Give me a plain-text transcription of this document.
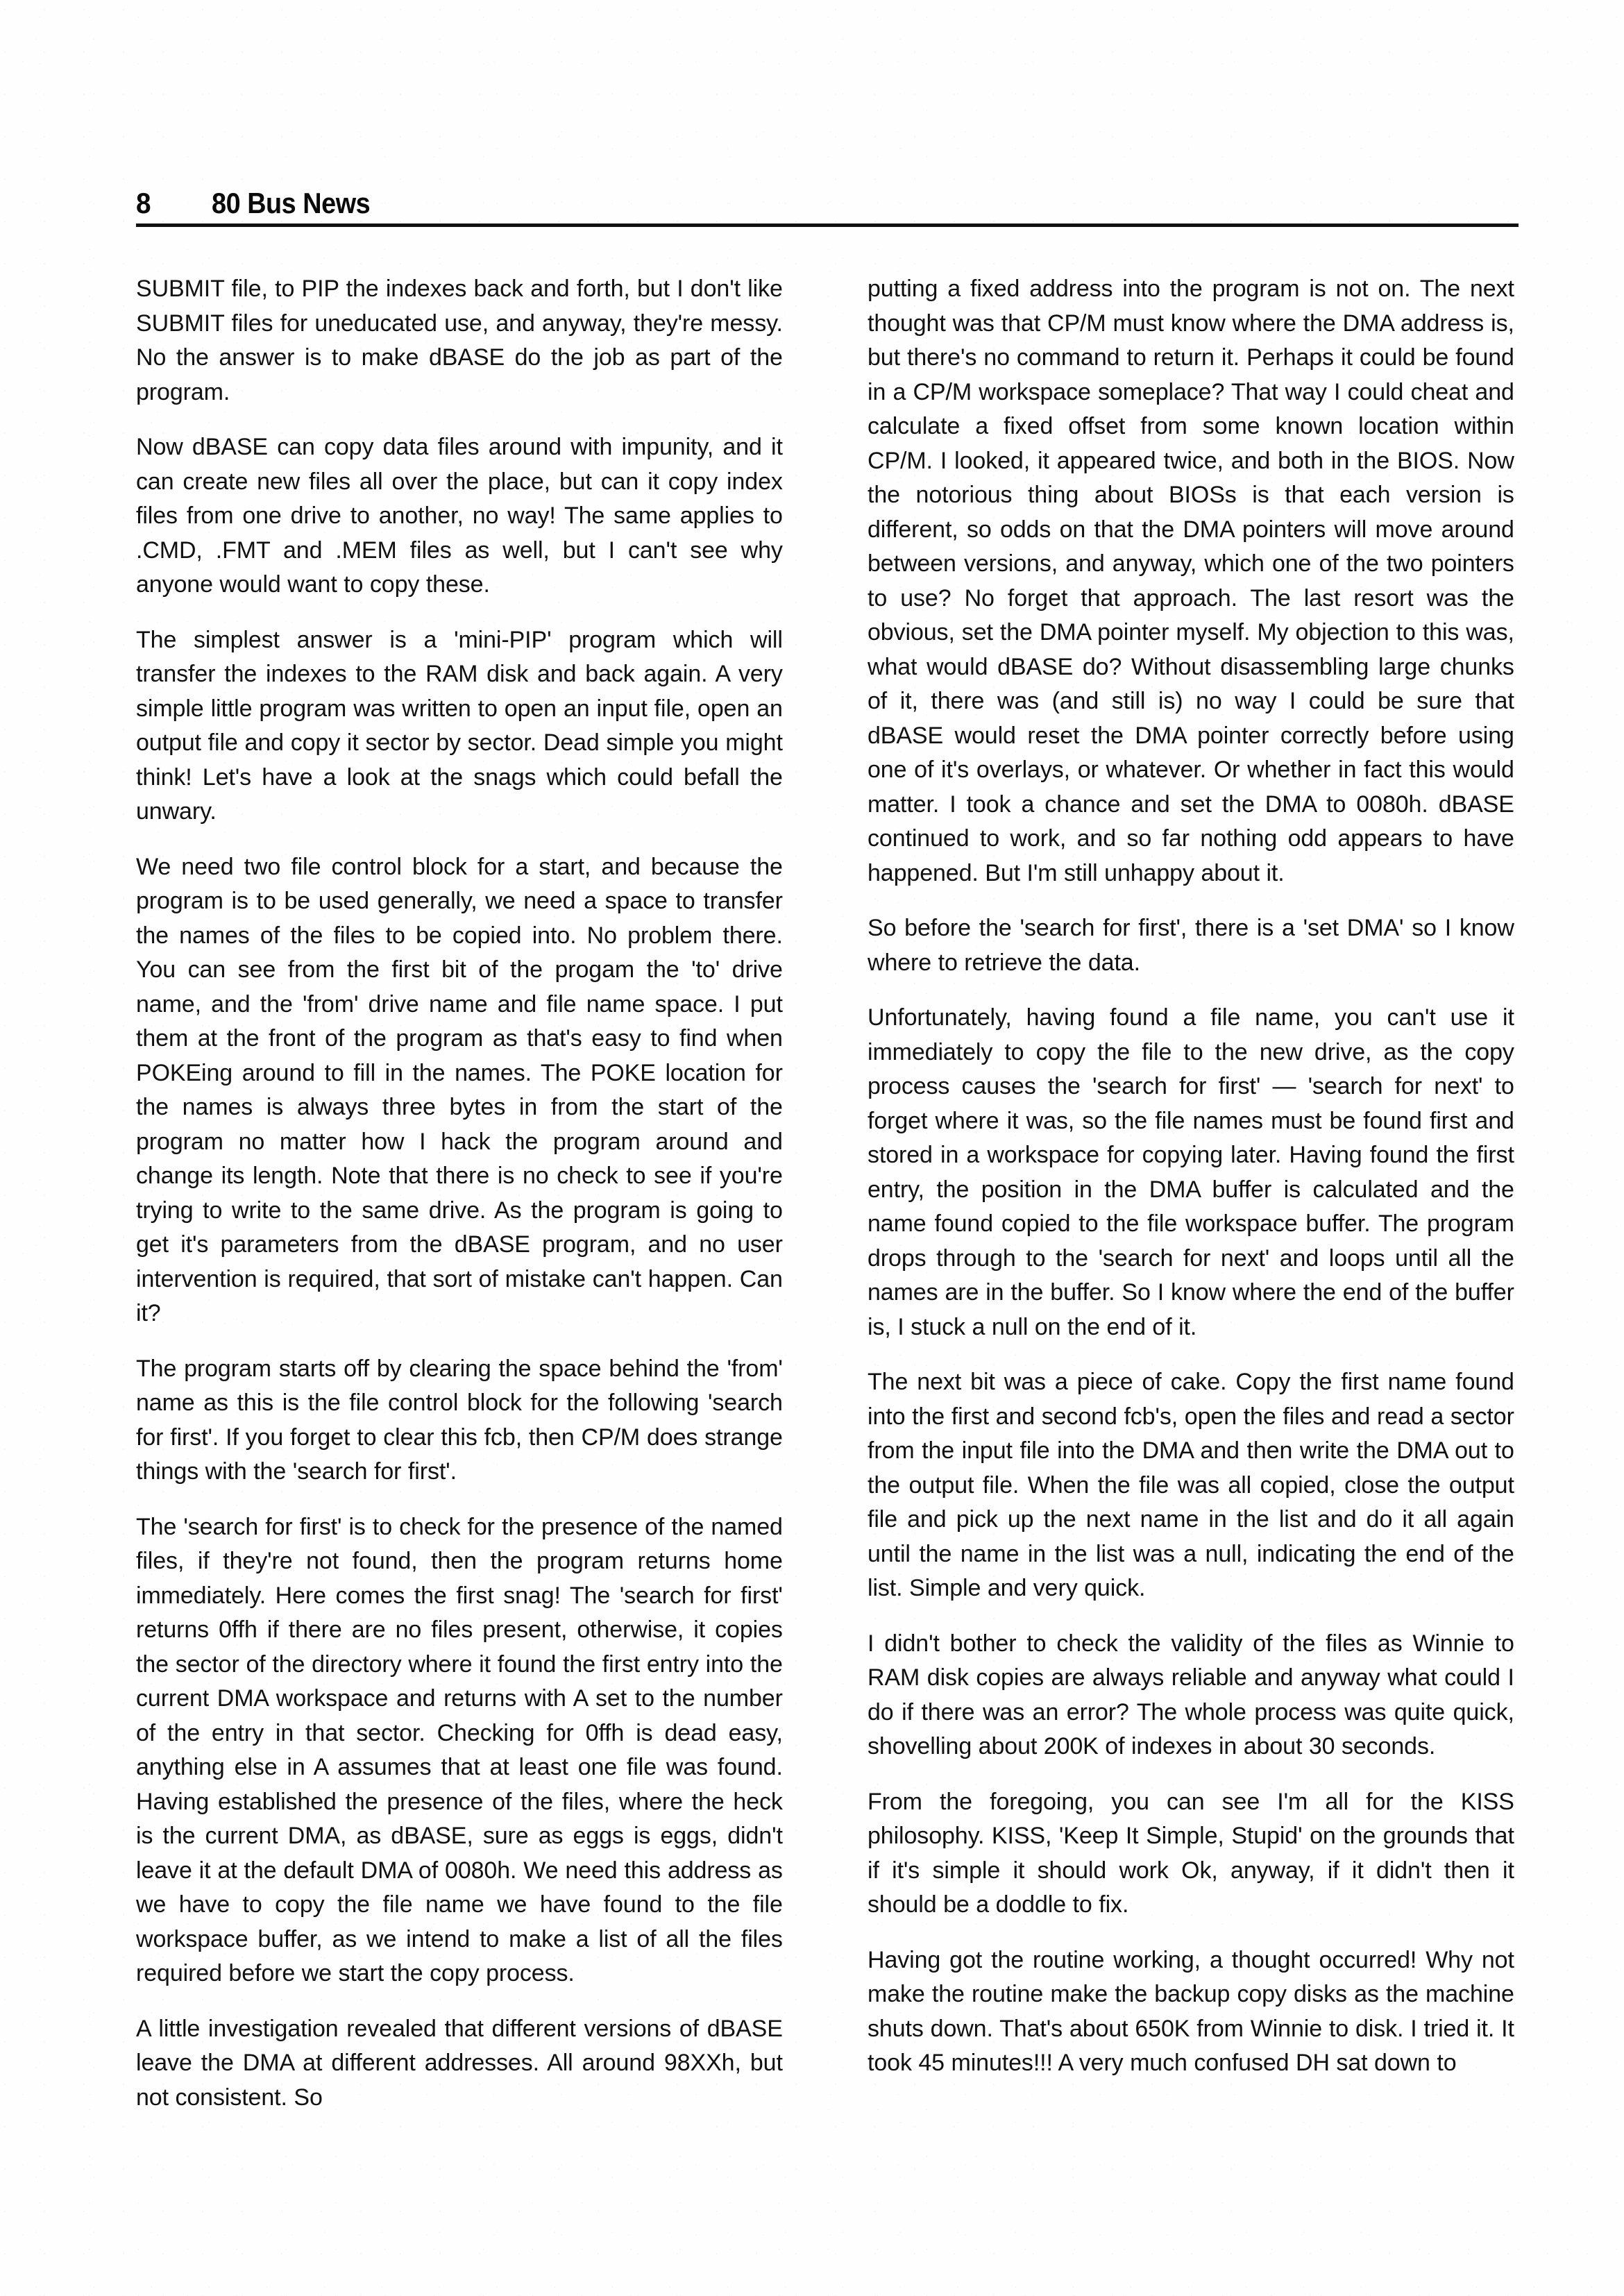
8 80 Bus News

SUBMIT file, to PIP the indexes back and forth, but I don't like SUBMIT files for uneducated use, and anyway, they're messy. No the answer is to make dBASE do the job as part of the program.

Now dBASE can copy data files around with impunity, and it can create new files all over the place, but can it copy index files from one drive to another, no way! The same applies to .CMD, .FMT and .MEM files as well, but I can't see why anyone would want to copy these.

The simplest answer is a 'mini-PIP' program which will transfer the indexes to the RAM disk and back again. A very simple little program was written to open an input file, open an output file and copy it sector by sector. Dead simple you might think! Let's have a look at the snags which could befall the unwary.

We need two file control block for a start, and because the program is to be used generally, we need a space to transfer the names of the files to be copied into. No problem there. You can see from the first bit of the progam the 'to' drive name, and the 'from' drive name and file name space. I put them at the front of the program as that's easy to find when POKEing around to fill in the names. The POKE location for the names is always three bytes in from the start of the program no matter how I hack the program around and change its length. Note that there is no check to see if you're trying to write to the same drive. As the program is going to get it's parameters from the dBASE program, and no user intervention is required, that sort of mistake can't happen. Can it?

The program starts off by clearing the space behind the 'from' name as this is the file control block for the following 'search for first'. If you forget to clear this fcb, then CP/M does strange things with the 'search for first'.

The 'search for first' is to check for the presence of the named files, if they're not found, then the program returns home immediately. Here comes the first snag! The 'search for first' returns 0ffh if there are no files present, otherwise, it copies the sector of the directory where it found the first entry into the current DMA workspace and returns with A set to the number of the entry in that sector. Checking for 0ffh is dead easy, anything else in A assumes that at least one file was found. Having established the presence of the files, where the heck is the current DMA, as dBASE, sure as eggs is eggs, didn't leave it at the default DMA of 0080h. We need this address as we have to copy the file name we have found to the file workspace buffer, as we intend to make a list of all the files required before we start the copy process.

A little investigation revealed that different versions of dBASE leave the DMA at different addresses. All around 98XXh, but not consistent. So

putting a fixed address into the program is not on. The next thought was that CP/M must know where the DMA address is, but there's no command to return it. Perhaps it could be found in a CP/M workspace someplace? That way I could cheat and calculate a fixed offset from some known location within CP/M. I looked, it appeared twice, and both in the BIOS. Now the notorious thing about BIOSs is that each version is different, so odds on that the DMA pointers will move around between versions, and anyway, which one of the two pointers to use? No forget that approach. The last resort was the obvious, set the DMA pointer myself. My objection to this was, what would dBASE do? Without disassembling large chunks of it, there was (and still is) no way I could be sure that dBASE would reset the DMA pointer correctly before using one of it's overlays, or whatever. Or whether in fact this would matter. I took a chance and set the DMA to 0080h. dBASE continued to work, and so far nothing odd appears to have happened. But I'm still unhappy about it.

So before the 'search for first', there is a 'set DMA' so I know where to retrieve the data.

Unfortunately, having found a file name, you can't use it immediately to copy the file to the new drive, as the copy process causes the 'search for first' — 'search for next' to forget where it was, so the file names must be found first and stored in a workspace for copying later. Having found the first entry, the position in the DMA buffer is calculated and the name found copied to the file workspace buffer. The program drops through to the 'search for next' and loops until all the names are in the buffer. So I know where the end of the buffer is, I stuck a null on the end of it.

The next bit was a piece of cake. Copy the first name found into the first and second fcb's, open the files and read a sector from the input file into the DMA and then write the DMA out to the output file. When the file was all copied, close the output file and pick up the next name in the list and do it all again until the name in the list was a null, indicating the end of the list. Simple and very quick.

I didn't bother to check the validity of the files as Winnie to RAM disk copies are always reliable and anyway what could I do if there was an error? The whole process was quite quick, shovelling about 200K of indexes in about 30 seconds.

From the foregoing, you can see I'm all for the KISS philosophy. KISS, 'Keep It Simple, Stupid' on the grounds that if it's simple it should work Ok, anyway, if it didn't then it should be a doddle to fix.

Having got the routine working, a thought occurred! Why not make the routine make the backup copy disks as the machine shuts down. That's about 650K from Winnie to disk. I tried it. It took 45 minutes!!! A very much confused DH sat down to
